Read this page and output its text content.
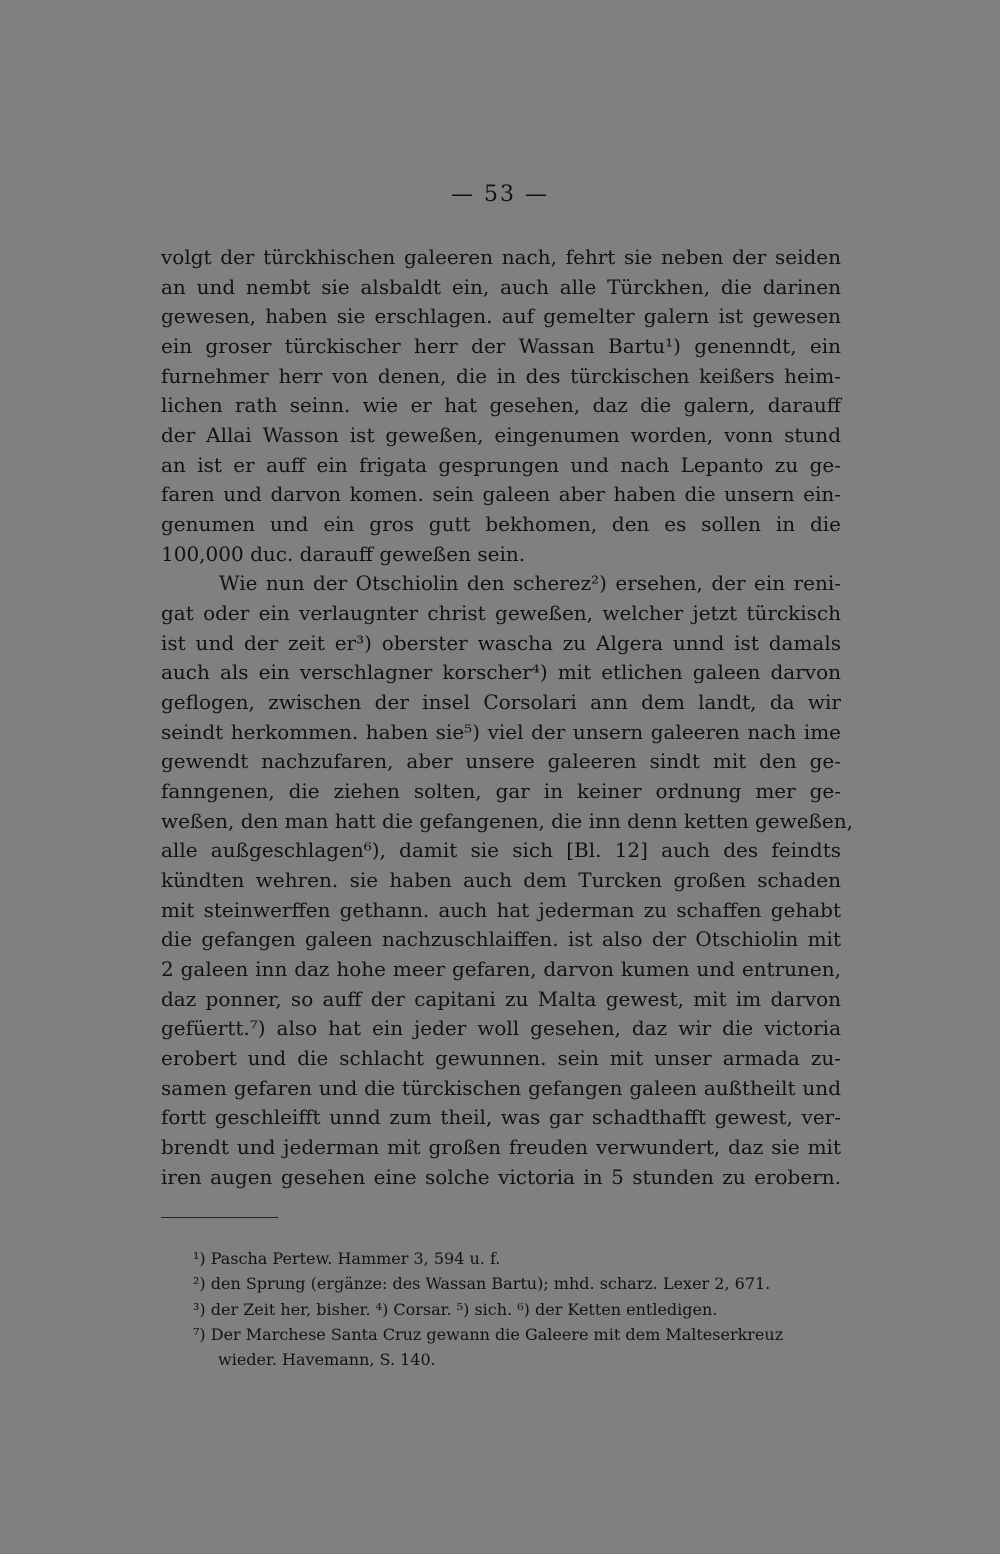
— 53 —
volgt der türckhischen galeeren nach, fehrt sie neben der seiden
an und nembt sie alsbaldt ein, auch alle Türckhen, die darinen
gewesen, haben sie erschlagen. auf gemelter galern ist gewesen
ein groser türckischer herr der Wassan Bartu¹) genenndt, ein
furnehmer herr von denen, die in des türckischen keißers heim-
lichen rath seinn. wie er hat gesehen, daz die galern, darauff
der Allai Wasson ist geweßen, eingenumen worden, vonn stund
an ist er auff ein frigata gesprungen und nach Lepanto zu ge-
faren und darvon komen. sein galeen aber haben die unsern ein-
genumen und ein gros gutt bekhomen, den es sollen in die
100,000 duc. darauff geweßen sein.
Wie nun der Otschiolin den scherez²) ersehen, der ein reni-
gat oder ein verlaugnter christ geweßen, welcher jetzt türckisch
ist und der zeit er³) oberster wascha zu Algera unnd ist damals
auch als ein verschlagner korscher⁴) mit etlichen galeen darvon
geflogen, zwischen der insel Corsolari ann dem landt, da wir
seindt herkommen. haben sie⁵) viel der unsern galeeren nach ime
gewendt nachzufaren, aber unsere galeeren sindt mit den ge-
fanngenen, die ziehen solten, gar in keiner ordnung mer ge-
weßen, den man hatt die gefangenen, die inn denn ketten geweßen,
alle außgeschlagen⁶), damit sie sich [Bl. 12] auch des feindts
kündten wehren. sie haben auch dem Turcken großen schaden
mit steinwerffen gethann. auch hat jederman zu schaffen gehabt
die gefangen galeen nachzuschlaiffen. ist also der Otschiolin mit
2 galeen inn daz hohe meer gefaren, darvon kumen und entrunen,
daz ponner, so auff der capitani zu Malta gewest, mit im darvon
gefüertt.⁷) also hat ein jeder woll gesehen, daz wir die victoria
erobert und die schlacht gewunnen. sein mit unser armada zu-
samen gefaren und die türckischen gefangen galeen außtheilt und
fortt geschleifft unnd zum theil, was gar schadthafft gewest, ver-
brendt und jederman mit großen freuden verwundert, daz sie mit
iren augen gesehen eine solche victoria in 5 stunden zu erobern.
¹) Pascha Pertew. Hammer 3, 594 u. f.
²) den Sprung (ergänze: des Wassan Bartu); mhd. scharz. Lexer 2, 671.
³) der Zeit her, bisher. ⁴) Corsar. ⁵) sich. ⁶) der Ketten entledigen.
⁷) Der Marchese Santa Cruz gewann die Galeere mit dem Malteserkreuz
wieder. Havemann, S. 140.
